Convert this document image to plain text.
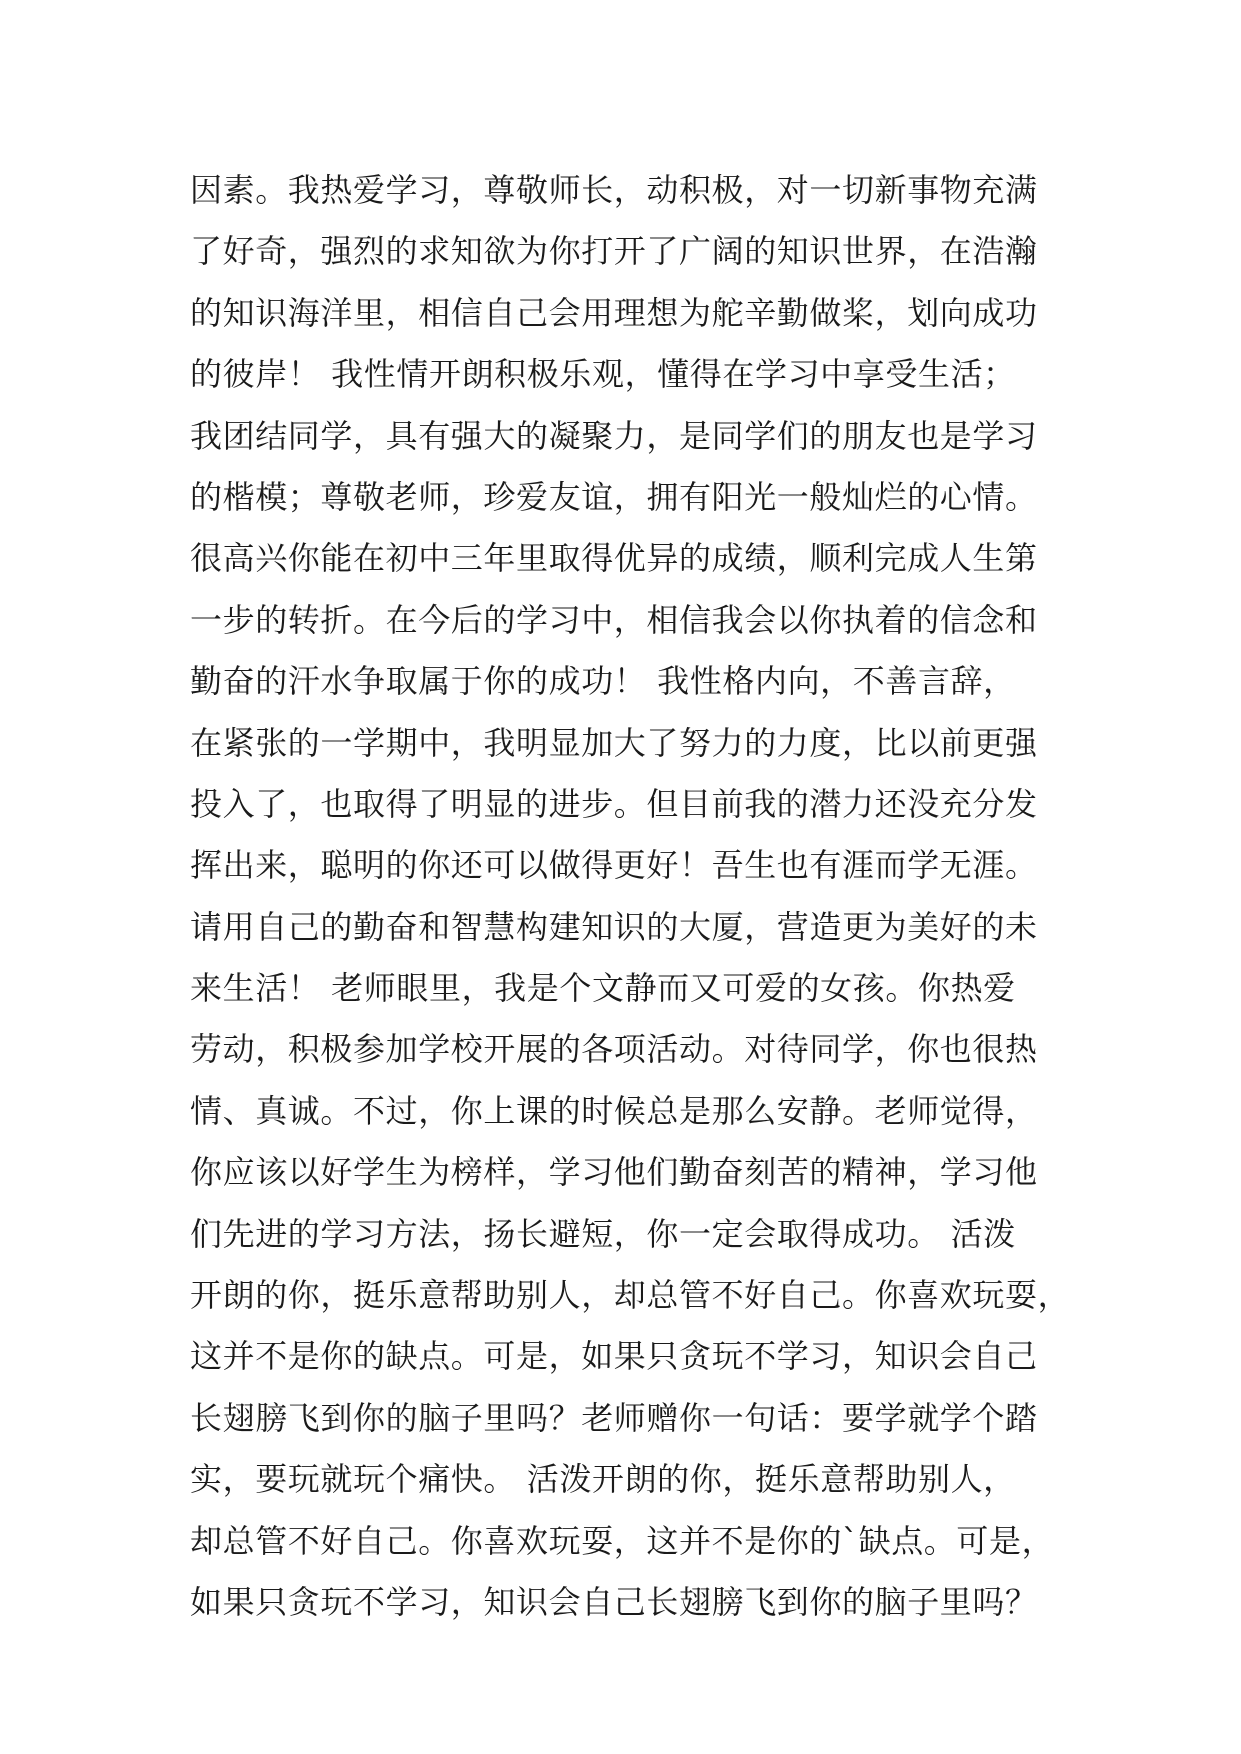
因素。我热爱学习，尊敬师长，动积极，对一切新事物充满
了好奇，强烈的求知欲为你打开了广阔的知识世界，在浩瀚
的知识海洋里，相信自己会用理想为舵辛勤做桨，划向成功
的彼岸！ 我性情开朗积极乐观，懂得在学习中享受生活；
我团结同学，具有强大的凝聚力，是同学们的朋友也是学习
的楷模；尊敬老师，珍爱友谊，拥有阳光一般灿烂的心情。
很高兴你能在初中三年里取得优异的成绩，顺利完成人生第
一步的转折。在今后的学习中，相信我会以你执着的信念和
勤奋的汗水争取属于你的成功！ 我性格内向，不善言辞，
在紧张的一学期中，我明显加大了努力的力度，比以前更强
投入了，也取得了明显的进步。但目前我的潜力还没充分发
挥出来，聪明的你还可以做得更好！吾生也有涯而学无涯。
请用自己的勤奋和智慧构建知识的大厦，营造更为美好的未
来生活！ 老师眼里，我是个文静而又可爱的女孩。你热爱
劳动，积极参加学校开展的各项活动。对待同学，你也很热
情、真诚。不过，你上课的时候总是那么安静。老师觉得，
你应该以好学生为榜样，学习他们勤奋刻苦的精神，学习他
们先进的学习方法，扬长避短，你一定会取得成功。 活泼
开朗的你，挺乐意帮助别人，却总管不好自己。你喜欢玩耍，
这并不是你的缺点。可是，如果只贪玩不学习，知识会自己
长翅膀飞到你的脑子里吗？老师赠你一句话：要学就学个踏
实，要玩就玩个痛快。 活泼开朗的你，挺乐意帮助别人，
却总管不好自己。你喜欢玩耍，这并不是你的`缺点。可是，
如果只贪玩不学习，知识会自己长翅膀飞到你的脑子里吗？
